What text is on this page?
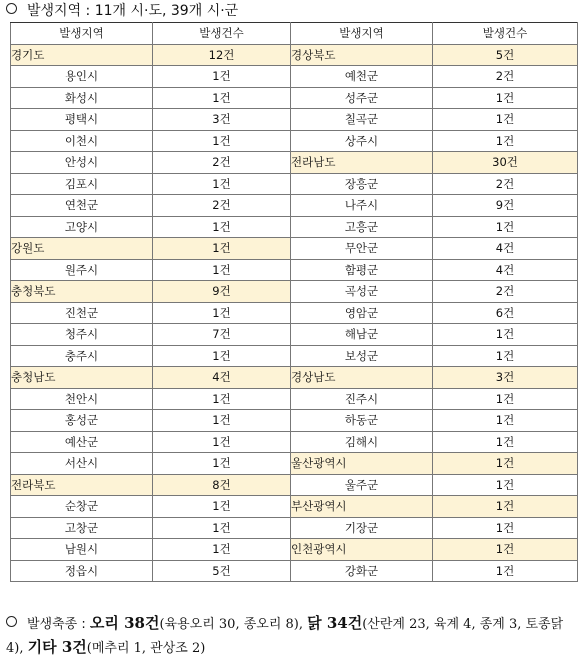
발생지역 : 11개 시·도, 39개 시·군
발생지역	발생건수	발생지역	발생건수
경기도	12건	경상북도	5건
용인시	1건	예천군	2건
화성시	1건	성주군	1건
평택시	3건	칠곡군	1건
이천시	1건	상주시	1건
안성시	2건	전라남도	30건
김포시	1건	장흥군	2건
연천군	2건	나주시	9건
고양시	1건	고흥군	1건
강원도	1건	무안군	4건
원주시	1건	함평군	4건
충청북도	9건	곡성군	2건
진천군	1건	영암군	6건
청주시	7건	해남군	1건
충주시	1건	보성군	1건
충청남도	4건	경상남도	3건
천안시	1건	진주시	1건
홍성군	1건	하동군	1건
예산군	1건	김해시	1건
서산시	1건	울산광역시	1건
전라북도	8건	울주군	1건
순창군	1건	부산광역시	1건
고창군	1건	기장군	1건
남원시	1건	인천광역시	1건
정읍시	5건	강화군	1건
발생축종 : 오리 38건(육용오리 30, 종오리 8), 닭 34건(산란계 23, 육계 4, 종계 3, 토종닭 4), 기타 3건(메추리 1, 관상조 2)
